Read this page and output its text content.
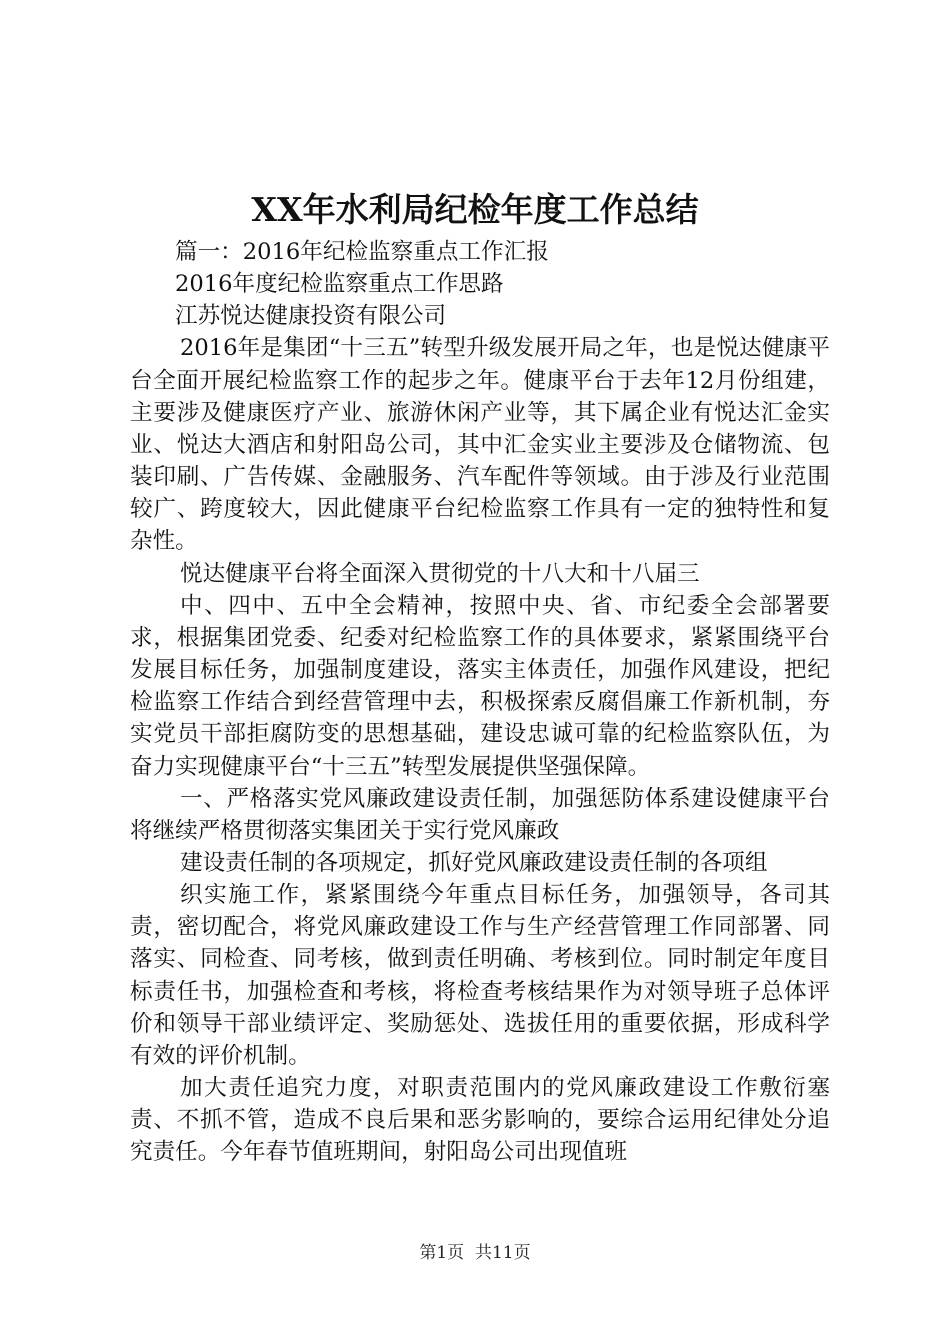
XX年水利局纪检年度工作总结

篇一：2016年纪检监察重点工作汇报

2016年度纪检监察重点工作思路

江苏悦达健康投资有限公司

2016年是集团“十三五”转型升级发展开局之年，也是悦达健康平台全面开展纪检监察工作的起步之年。健康平台于去年12月份组建，主要涉及健康医疗产业、旅游休闲产业等，其下属企业有悦达汇金实业、悦达大酒店和射阳岛公司，其中汇金实业主要涉及仓储物流、包装印刷、广告传媒、金融服务、汽车配件等领域。由于涉及行业范围较广、跨度较大，因此健康平台纪检监察工作具有一定的独特性和复杂性。

悦达健康平台将全面深入贯彻党的十八大和十八届三

中、四中、五中全会精神，按照中央、省、市纪委全会部署要求，根据集团党委、纪委对纪检监察工作的具体要求，紧紧围绕平台发展目标任务，加强制度建设，落实主体责任，加强作风建设，把纪检监察工作结合到经营管理中去，积极探索反腐倡廉工作新机制，夯实党员干部拒腐防变的思想基础，建设忠诚可靠的纪检监察队伍，为奋力实现健康平台“十三五”转型发展提供坚强保障。

一、严格落实党风廉政建设责任制，加强惩防体系建设健康平台将继续严格贯彻落实集团关于实行党风廉政

建设责任制的各项规定，抓好党风廉政建设责任制的各项组

织实施工作，紧紧围绕今年重点目标任务，加强领导，各司其责，密切配合，将党风廉政建设工作与生产经营管理工作同部署、同落实、同检查、同考核，做到责任明确、考核到位。同时制定年度目标责任书，加强检查和考核，将检查考核结果作为对领导班子总体评价和领导干部业绩评定、奖励惩处、选拔任用的重要依据，形成科学有效的评价机制。

加大责任追究力度，对职责范围内的党风廉政建设工作敷衍塞责、不抓不管，造成不良后果和恶劣影响的，要综合运用纪律处分追究责任。今年春节值班期间，射阳岛公司出现值班

第1页  共11页
